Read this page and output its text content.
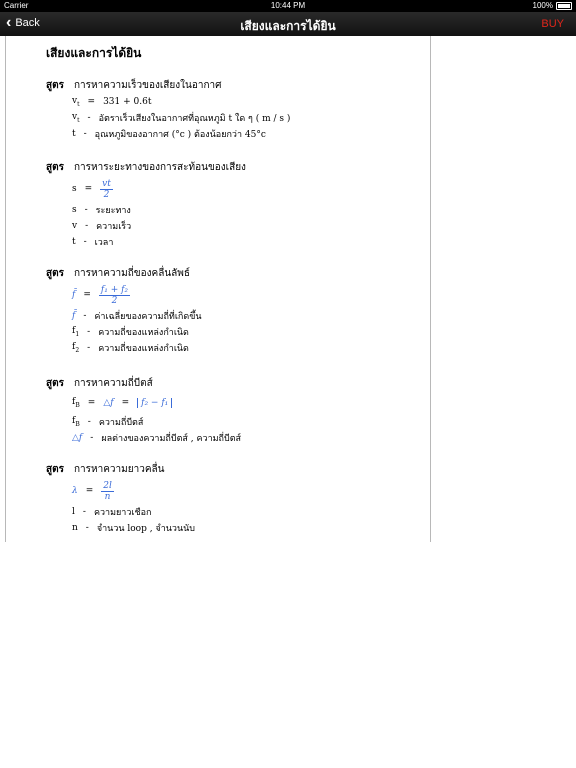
Carrier	10:44 PM	100%
‹ Back	เสียงและการได้ยิน	BUY
เสียงและการได้ยิน
สูตร การหาความเร็วของเสียงในอากาศ
$v_t = 331 + 0.6t$
$v_t$ - อัตราเร็วเสียงในอากาศที่อุณหภูมิ t ใด ๆ ( m / s )
t - อุณหภูมิของอากาศ (°c ) ต้องน้อยกว่า 45°c
สูตร การหาระยะทางของการสะท้อนของเสียง
$s = \frac{vt}{2}$
s - ระยะทาง
v - ความเร็ว
t - เวลา
สูตร การหาความถี่ของคลื่นลัพธ์
f̄ = $\frac{\text{f₁ + f₂}}{2}$
f̄ - ค่าเฉลี่ยของความถี่ที่เกิดขึ้น
$f_1$ - ความถี่ของแหล่งกำเนิด
$f_2$ - ความถี่ของแหล่งกำเนิด
สูตร การหาความถี่บีตส์
$f_B$ = △f =	f₂ − f₁
$f_B$ - ความถี่บีตส์
△f - ผลต่างของความถี่บีตส์ , ความถี่บีตส์
สูตร การหาความยาวคลื่น
$\lambda = \frac{2l}{n}$
l - ความยาวเชือก
n - จำนวน loop , จำนวนนับ
